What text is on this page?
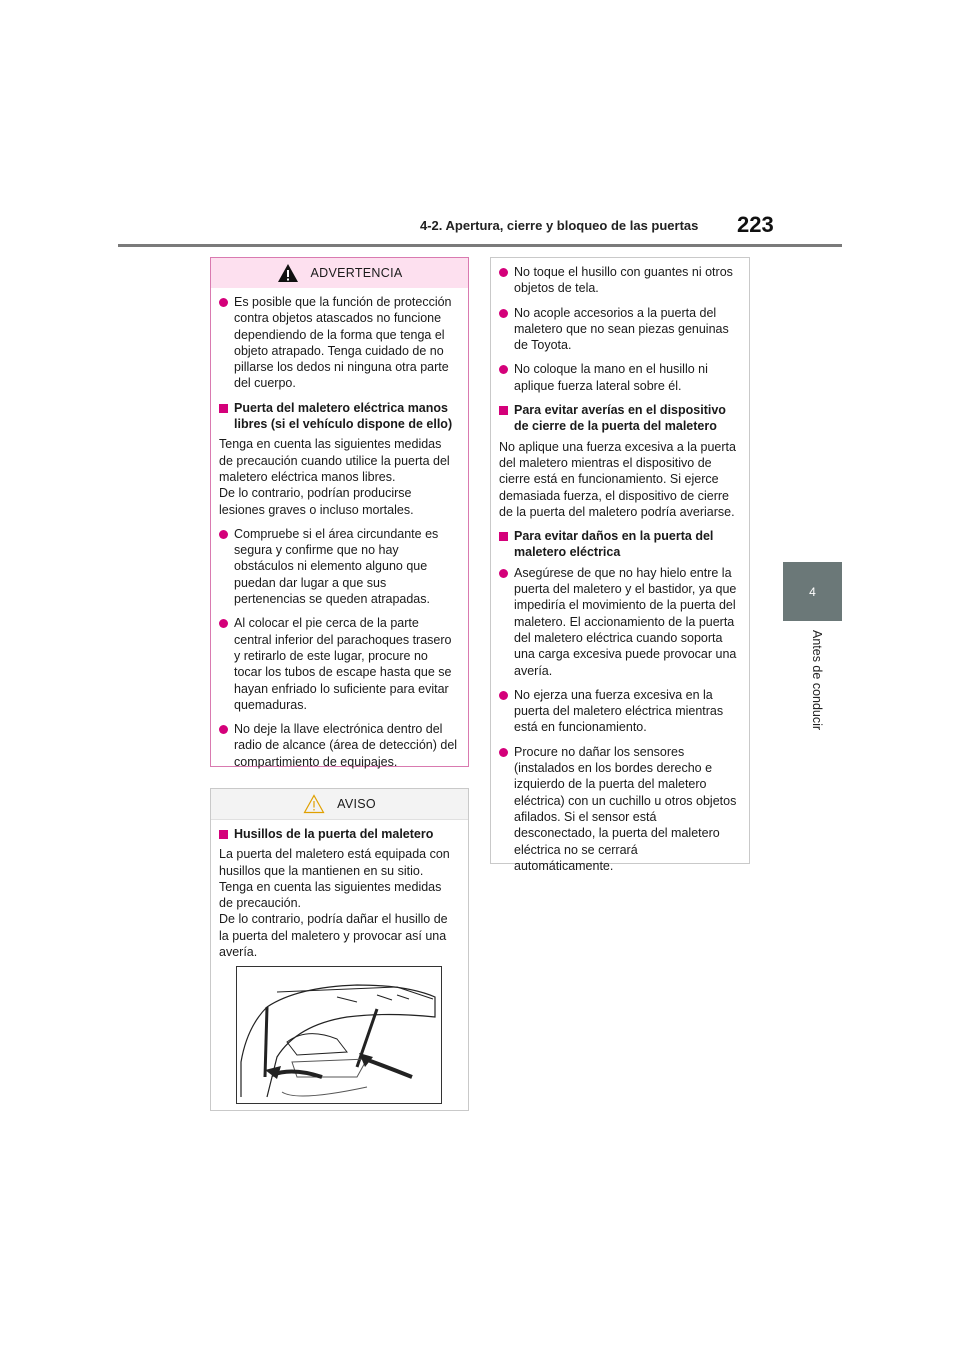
4-2. Apertura, cierre y bloqueo de las puertas 223
4
Antes de conducir
ADVERTENCIA
Es posible que la función de protección contra objetos atascados no funcione dependiendo de la forma que tenga el objeto atrapado. Tenga cuidado de no pillarse los dedos ni ninguna otra parte del cuerpo.
Puerta del maletero eléctrica manos libres (si el vehículo dispone de ello)
Tenga en cuenta las siguientes medidas de precaución cuando utilice la puerta del maletero eléctrica manos libres.
De lo contrario, podrían producirse lesiones graves o incluso mortales.
Compruebe si el área circundante es segura y confirme que no hay obstáculos ni elemento alguno que puedan dar lugar a que sus pertenencias se queden atrapadas.
Al colocar el pie cerca de la parte central inferior del parachoques trasero y retirarlo de este lugar, procure no tocar los tubos de escape hasta que se hayan enfriado lo suficiente para evitar quemaduras.
No deje la llave electrónica dentro del radio de alcance (área de detección) del compartimiento de equipajes.
AVISO
Husillos de la puerta del maletero
La puerta del maletero está equipada con husillos que la mantienen en su sitio.
Tenga en cuenta las siguientes medidas de precaución.
De lo contrario, podría dañar el husillo de la puerta del maletero y provocar así una avería.
No toque el husillo con guantes ni otros objetos de tela.
No acople accesorios a la puerta del maletero que no sean piezas genuinas de Toyota.
No coloque la mano en el husillo ni aplique fuerza lateral sobre él.
Para evitar averías en el dispositivo de cierre de la puerta del maletero
No aplique una fuerza excesiva a la puerta del maletero mientras el dispositivo de cierre está en funcionamiento. Si ejerce demasiada fuerza, el dispositivo de cierre de la puerta del maletero podría averiarse.
Para evitar daños en la puerta del maletero eléctrica
Asegúrese de que no hay hielo entre la puerta del maletero y el bastidor, ya que impediría el movimiento de la puerta del maletero. El accionamiento de la puerta del maletero eléctrica cuando soporta una carga excesiva puede provocar una avería.
No ejerza una fuerza excesiva en la puerta del maletero eléctrica mientras está en funcionamiento.
Procure no dañar los sensores (instalados en los bordes derecho e izquierdo de la puerta del maletero eléctrica) con un cuchillo u otros objetos afilados. Si el sensor está desconectado, la puerta del maletero eléctrica no se cerrará automáticamente.
